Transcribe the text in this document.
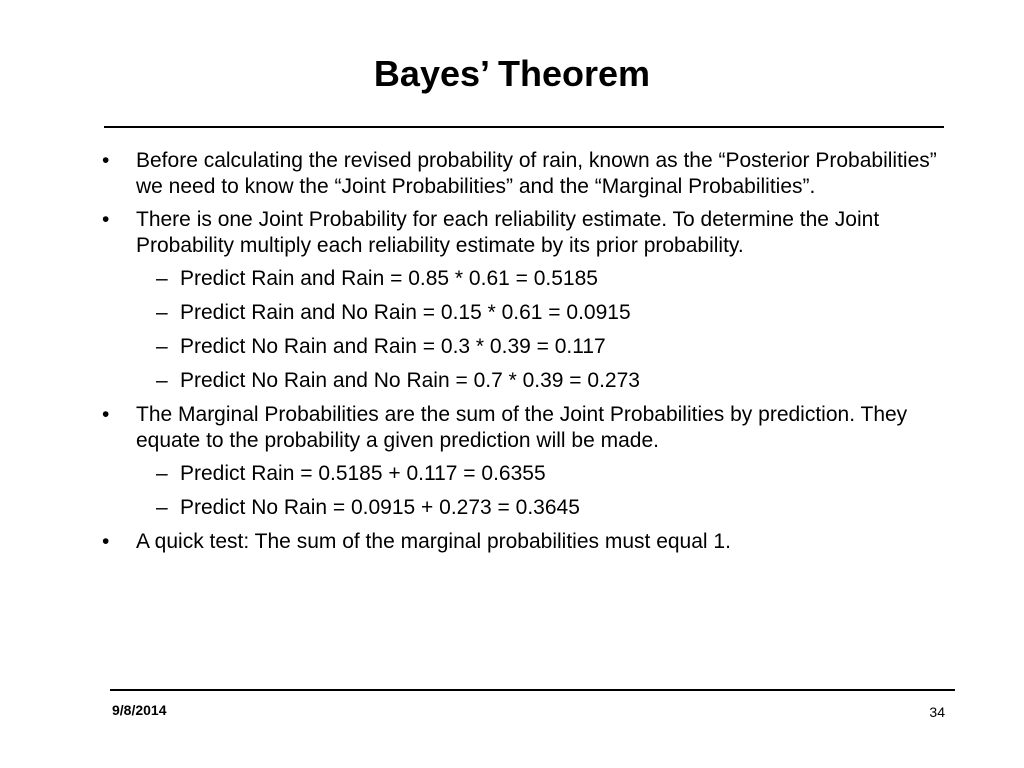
Bayes’ Theorem
• Before calculating the revised probability of rain, known as the “Posterior Probabilities” we need to know the “Joint Probabilities” and the “Marginal Probabilities”.
• There is one Joint Probability for each reliability estimate. To determine the Joint Probability multiply each reliability estimate by its prior probability.
– Predict Rain and Rain = 0.85 * 0.61 = 0.5185
– Predict Rain and No Rain = 0.15 * 0.61 = 0.0915
– Predict No Rain and Rain = 0.3 * 0.39 = 0.117
– Predict No Rain and No Rain = 0.7 * 0.39 = 0.273
• The Marginal Probabilities are the sum of the Joint Probabilities by prediction. They equate to the probability a given prediction will be made.
– Predict Rain = 0.5185 + 0.117 = 0.6355
– Predict No Rain = 0.0915 + 0.273 = 0.3645
• A quick test: The sum of the marginal probabilities must equal 1.
9/8/2014	34
